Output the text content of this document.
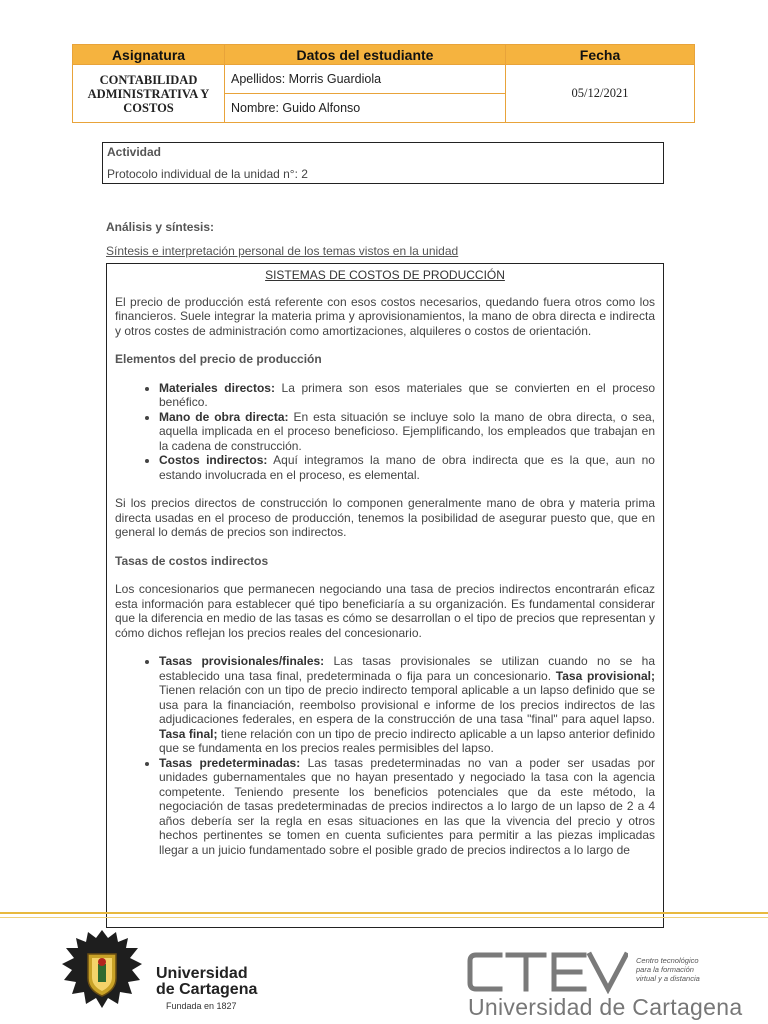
Asignatura	Datos del estudiante	Fecha
CONTABILIDAD ADMINISTRATIVA Y COSTOS	Apellidos: Morris Guardiola	05/12/2021
	Nombre: Guido Alfonso	
Actividad
Protocolo individual de la unidad n°: 2
Análisis y síntesis:
Síntesis e interpretación personal de los temas vistos en la unidad
SISTEMAS DE COSTOS DE PRODUCCIÓN

El precio de producción está referente con esos costos necesarios, quedando fuera otros como los financieros. Suele integrar la materia prima y aprovisionamientos, la mano de obra directa e indirecta y otros costes de administración como amortizaciones, alquileres o costos de orientación.

Elementos del precio de producción
• Materiales directos: La primera son esos materiales que se convierten en el proceso benéfico.
• Mano de obra directa: En esta situación se incluye solo la mano de obra directa, o sea, aquella implicada en el proceso beneficioso. Ejemplificando, los empleados que trabajan en la cadena de construcción.
• Costos indirectos: Aquí integramos la mano de obra indirecta que es la que, aun no estando involucrada en el proceso, es elemental.

Si los precios directos de construcción lo componen generalmente mano de obra y materia prima directa usadas en el proceso de producción, tenemos la posibilidad de asegurar puesto que, que en general lo demás de precios son indirectos.

Tasas de costos indirectos

Los concesionarios que permanecen negociando una tasa de precios indirectos encontrarán eficaz esta información para establecer qué tipo beneficiaría a su organización. Es fundamental considerar que la diferencia en medio de las tasas es cómo se desarrollan o el tipo de precios que representan y cómo dichos reflejan los precios reales del concesionario.

• Tasas provisionales/finales: Las tasas provisionales se utilizan cuando no se ha establecido una tasa final, predeterminada o fija para un concesionario. Tasa provisional; Tienen relación con un tipo de precio indirecto temporal aplicable a un lapso definido que se usa para la financiación, reembolso provisional e informe de los precios indirectos de las adjudicaciones federales, en espera de la construcción de una tasa "final" para aquel lapso. Tasa final; tiene relación con un tipo de precio indirecto aplicable a un lapso anterior definido que se fundamenta en los precios reales permisibles del lapso.
• Tasas predeterminadas: Las tasas predeterminadas no van a poder ser usadas por unidades gubernamentales que no hayan presentado y negociado la tasa con la agencia competente. Teniendo presente los beneficios potenciales que da este método, la negociación de tasas predeterminadas de precios indirectos a lo largo de un lapso de 2 a 4 años debería ser la regla en esas situaciones en las que la vivencia del precio y otros hechos pertinentes se tomen en cuenta suficientes para permitir a las piezas implicadas llegar a un juicio fundamentado sobre el posible grado de precios indirectos a lo largo de
Universidad
de Cartagena
Fundada en 1827
Centro tecnológico
para la formación
virtual y a distancia
Universidad de Cartagena
